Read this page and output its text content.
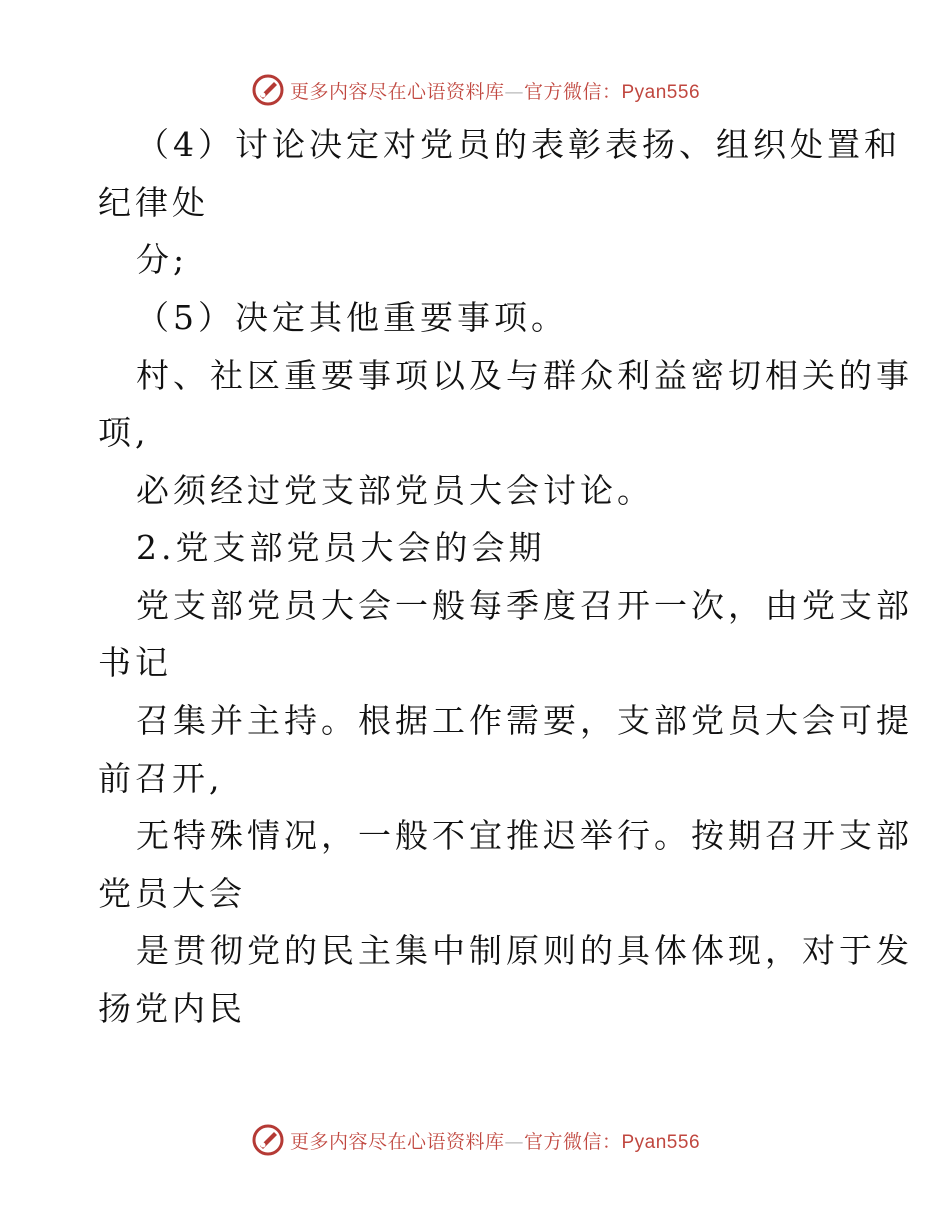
更多内容尽在心语资料库—官方微信：Pyan556
（4）讨论决定对党员的表彰表扬、组织处置和
纪律处
分;
（5）决定其他重要事项。
村、社区重要事项以及与群众利益密切相关的事
项,
必须经过党支部党员大会讨论。
2.党支部党员大会的会期
党支部党员大会一般每季度召开一次，由党支部
书记
召集并主持。根据工作需要，支部党员大会可提
前召开,
无特殊情况，一般不宜推迟举行。按期召开支部
党员大会
是贯彻党的民主集中制原则的具体体现，对于发
扬党内民
更多内容尽在心语资料库—官方微信：Pyan556
